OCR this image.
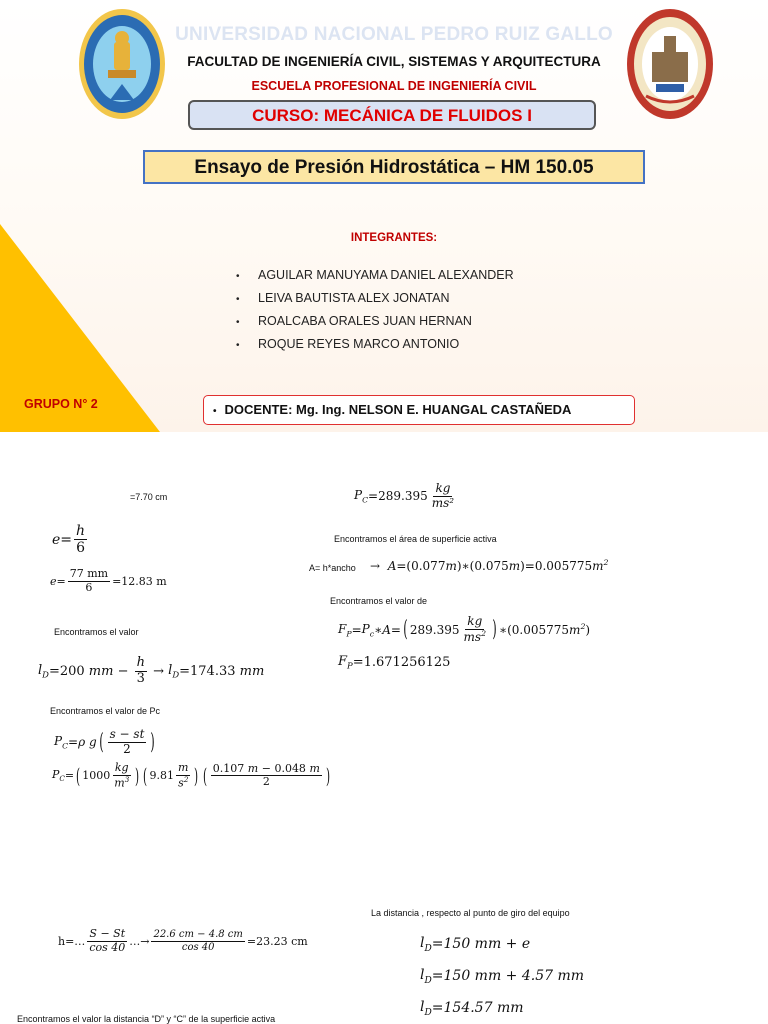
UNIVERSIDAD NACIONAL PEDRO RUIZ GALLO
FACULTAD DE INGENIERÍA CIVIL, SISTEMAS Y ARQUITECTURA
ESCUELA PROFESIONAL DE INGENIERÍA CIVIL
CURSO: MECÁNICA DE FLUIDOS I
Ensayo de Presión Hidrostática – HM 150.05
INTEGRANTES:
• AGUILAR MANUYAMA DANIEL ALEXANDER
• LEIVA BAUTISTA ALEX JONATAN
• ROALCABA ORALES JUAN HERNAN
• ROQUE REYES MARCO ANTONIO
GRUPO N° 2
• DOCENTE: Mg. Ing. NELSON E. HUANGAL CASTAÑEDA
=7.70 cm
$e = \frac{h}{6}$
$e = \frac{77 mm}{6} =12.83$ m
Encontramos el valor
$l_D =200$ mm − $\frac{h}{3} \to l_D =174.33$ mm
Encontramos el valor de Pc
$P_C = \rho$ g ( $\frac{s - st}{2}$ )
$P_C$ = ( $1000 \frac{kg}{m^3}$ ) ( $9.81 \frac{m}{s^2}$ ) ( $\frac{0.107 m - 0.048 m}{2}$ )
$P_C =289.395 \frac{kg}{\text{ms²}}$
Encontramos el área de superficie activa
A= h*ancho → A =(0.077 m )∗(0.075 m )=0.005775 $m^2$
Encontramos el valor de
$F_P = P_c$ ∗ A = ( $289.395 \frac{kg}{ms^2}$ ) ∗ (0.005775 $m^2$ )
$F_P =1.671256125$
La distancia , respecto al punto de giro del equipo
h=… $\frac{S - St}{\cos 40}$ …→ $\frac{22.6 cm - 4.8 cm}{\cos 40} =23.23$ cm	$l_D =150$ mm + e
$l_D =150$ mm + 4.57 mm
$l_D =154.57$ mm
Encontramos el valor la distancia “D” y “C” de la superficie activa
